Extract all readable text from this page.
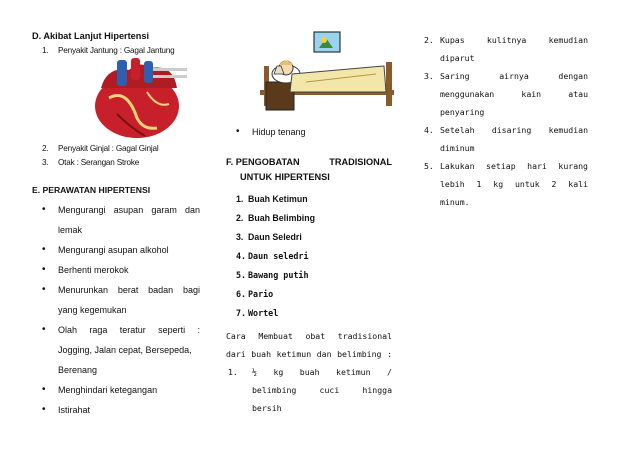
D. Akibat Lanjut Hipertensi
1. Penyakit Jantung : Gagal Jantung
2. Penyakit Ginjal : Gagal Ginjal
3. Otak : Serangan Stroke
E. PERAWATAN HIPERTENSI
• Mengurangi asupan garam dan
lemak
• Mengurangi asupan alkohol
• Berhenti merokok
• Menurunkan berat badan bagi
yang kegemukan
• Olah raga teratur seperti :
Jogging, Jalan cepat, Bersepeda,
Berenang
• Menghindari ketegangan
• Istirahat
• Hidup tenang
F. PENGOBATAN	TRADISIONAL
UNTUK HIPERTENSI
1. Buah Ketimun
2. Buah Belimbing
3. Daun Seledri
4. Daun seledri
5. Bawang putih
6. Pario
7. Wortel
Cara Membuat obat tradisional
dari buah ketimun dan belimbing :
1. ½ kg buah ketimun /
belimbing cuci hingga
bersih
2. Kupas kulitnya kemudian
diparut
3. Saring airnya dengan
menggunakan kain atau
penyaring
4. Setelah disaring kemudian
diminum
5. Lakukan setiap hari kurang
lebih 1 kg untuk 2 kali
minum.
